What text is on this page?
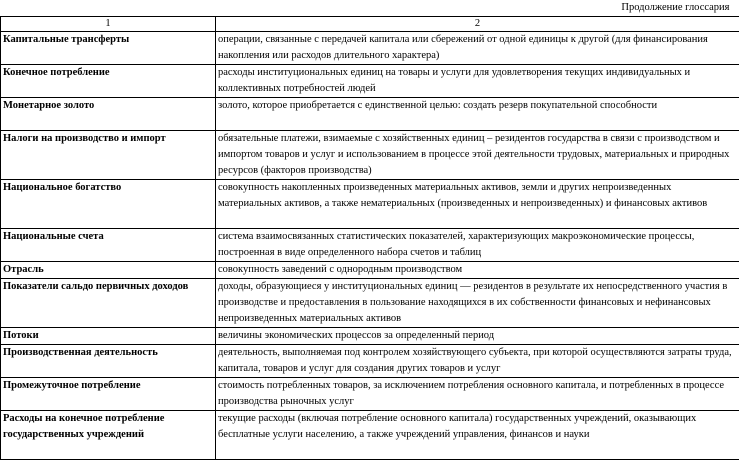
	Продолжение глоссария
1	2
Капитальные трансферты	операции, связанные с передачей капитала или сбережений от одной единицы к другой (для финансирования накопления или расходов длительного характера)
Конечное потребление	расходы институциональных единиц на товары и услуги для удовлетворения текущих индивидуальных и коллективных потребностей людей
Монетарное золото	золото, которое приобретается с единственной целью: создать резерв покупательной способности
Налоги на производство и импорт	обязательные платежи, взимаемые с хозяйственных единиц – резидентов государства в связи с производством и импортом товаров и услуг и использованием в процессе этой деятельности трудовых, материальных и природных ресурсов (факторов производства)
Национальное богатство	совокупность накопленных произведенных материальных активов, земли и других непроизведенных материальных активов, а также нематериальных (произведенных и непроизведенных) и финансовых активов
Национальные счета	система взаимосвязанных статистических показателей, характеризующих макроэкономические процессы, построенная в виде определенного набора счетов и таблиц
Отрасль	совокупность заведений с однородным производством
Показатели сальдо первичных доходов	доходы, образующиеся у институциональных единиц — резидентов в результате их непосредственного участия в производстве и предоставления в пользование находящихся в их собственности финансовых и нефинансовых непроизведенных материальных активов
Потоки	величины экономических процессов за определенный период
Производственная деятельность	деятельность, выполняемая под контролем хозяйствующего субъекта, при которой осуществляются затраты труда, капитала, товаров и услуг для создания других товаров и услуг
Промежуточное потребление	стоимость потребленных товаров, за исключением потребления основного капитала, и потребленных в процессе производства рыночных услуг
Расходы на конечное потребление государственных учреждений	текущие расходы (включая потребление основного капитала) государственных учреждений, оказывающих бесплатные услуги населению, а также учреждений управления, финансов и науки
